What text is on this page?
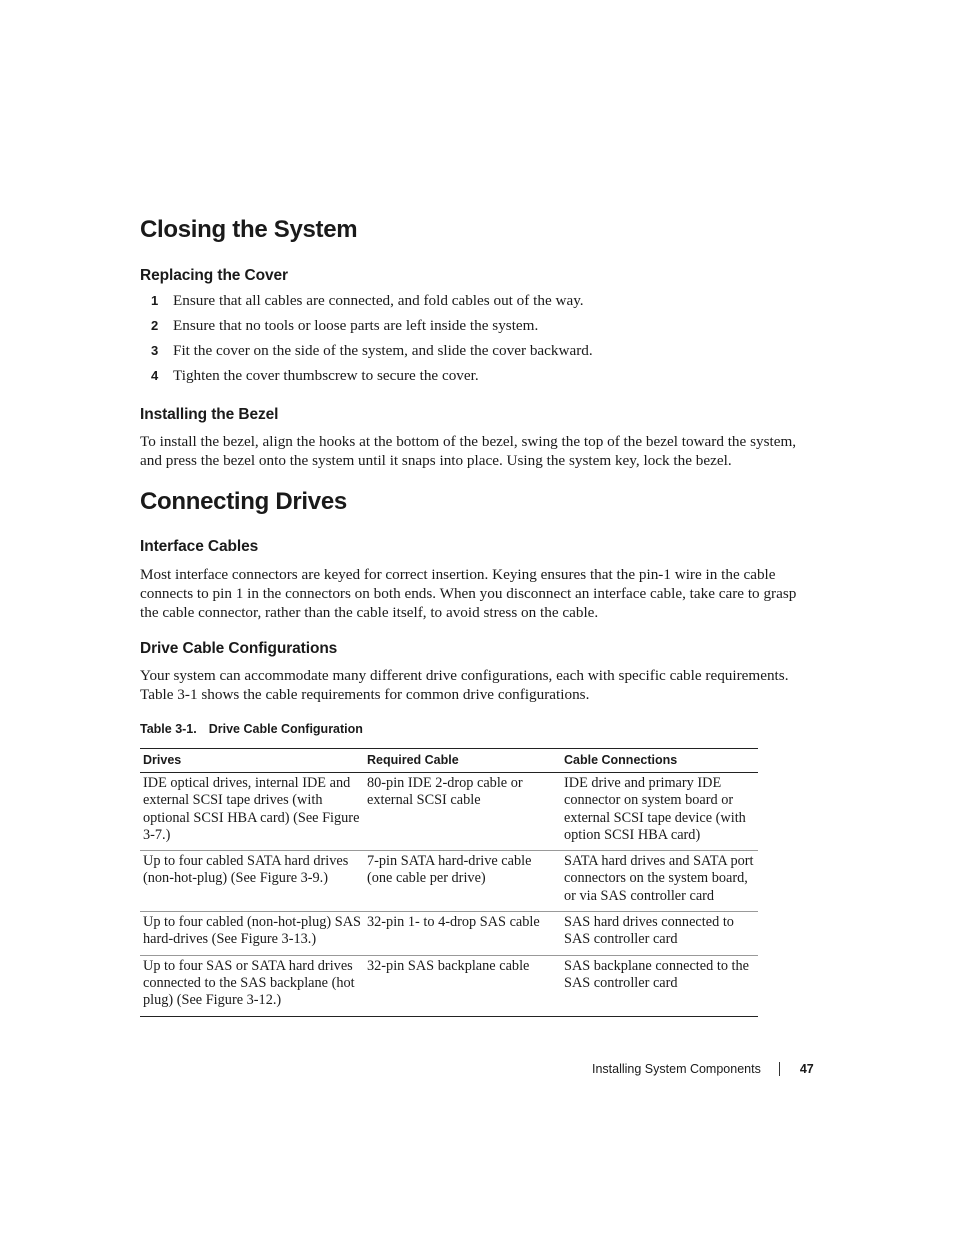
Closing the System
Replacing the Cover
1 Ensure that all cables are connected, and fold cables out of the way.
2 Ensure that no tools or loose parts are left inside the system.
3 Fit the cover on the side of the system, and slide the cover backward.
4 Tighten the cover thumbscrew to secure the cover.
Installing the Bezel

To install the bezel, align the hooks at the bottom of the bezel, swing the top of the bezel toward the system, and press the bezel onto the system until it snaps into place. Using the system key, lock the bezel.

Connecting Drives
Interface Cables

Most interface connectors are keyed for correct insertion. Keying ensures that the pin-1 wire in the cable connects to pin 1 in the connectors on both ends. When you disconnect an interface cable, take care to grasp the cable connector, rather than the cable itself, to avoid stress on the cable.

Drive Cable Configurations

Your system can accommodate many different drive configurations, each with specific cable requirements. Table 3-1 shows the cable requirements for common drive configurations.

Table 3-1. Drive Cable Configuration

Drives	Required Cable	Cable Connections
IDE optical drives, internal IDE and external SCSI tape drives (with optional SCSI HBA card) (See Figure 3-7.)	80-pin IDE 2-drop cable or external SCSI cable	IDE drive and primary IDE connector on system board or external SCSI tape device (with option SCSI HBA card)
Up to four cabled SATA hard drives (non-hot-plug) (See Figure 3-9.)	7-pin SATA hard-drive cable (one cable per drive)	SATA hard drives and SATA port connectors on the system board, or via SAS controller card
Up to four cabled (non-hot-plug) SAS hard-drives (See Figure 3-13.)	32-pin 1- to 4-drop SAS cable	SAS hard drives connected to SAS controller card
Up to four SAS or SATA hard drives connected to the SAS backplane (hot plug) (See Figure 3-12.)	32-pin SAS backplane cable	SAS backplane connected to the SAS controller card
Installing System Components	47
